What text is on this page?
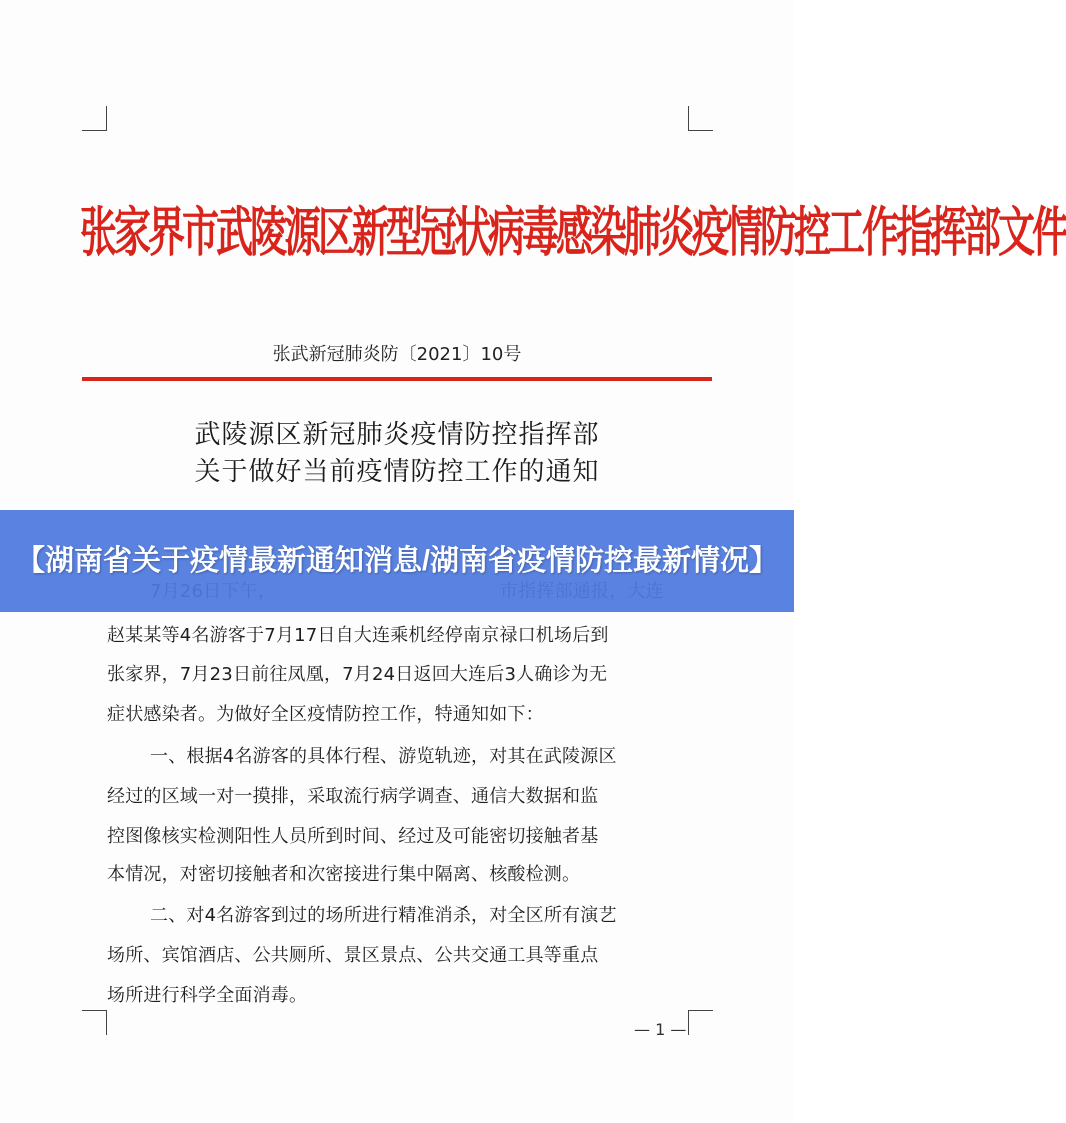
张家界市武陵源区新型冠状病毒感染肺炎疫情防控工作指挥部文件
张武新冠肺炎防〔2021〕10号
武陵源区新冠肺炎疫情防控指挥部
关于做好当前疫情防控工作的通知
赵某某等4名游客于7月17日自大连乘机经停南京禄口机场后到
张家界，7月23日前往凤凰，7月24日返回大连后3人确诊为无
症状感染者。为做好全区疫情防控工作，特通知如下：
一、根据4名游客的具体行程、游览轨迹，对其在武陵源区
经过的区域一对一摸排，采取流行病学调查、通信大数据和监
控图像核实检测阳性人员所到时间、经过及可能密切接触者基
本情况，对密切接触者和次密接进行集中隔离、核酸检测。
二、对4名游客到过的场所进行精准消杀，对全区所有演艺
场所、宾馆酒店、公共厕所、景区景点、公共交通工具等重点
场所进行科学全面消毒。
— 1 —
【湖南省关于疫情最新通知消息/湖南省疫情防控最新情况】
